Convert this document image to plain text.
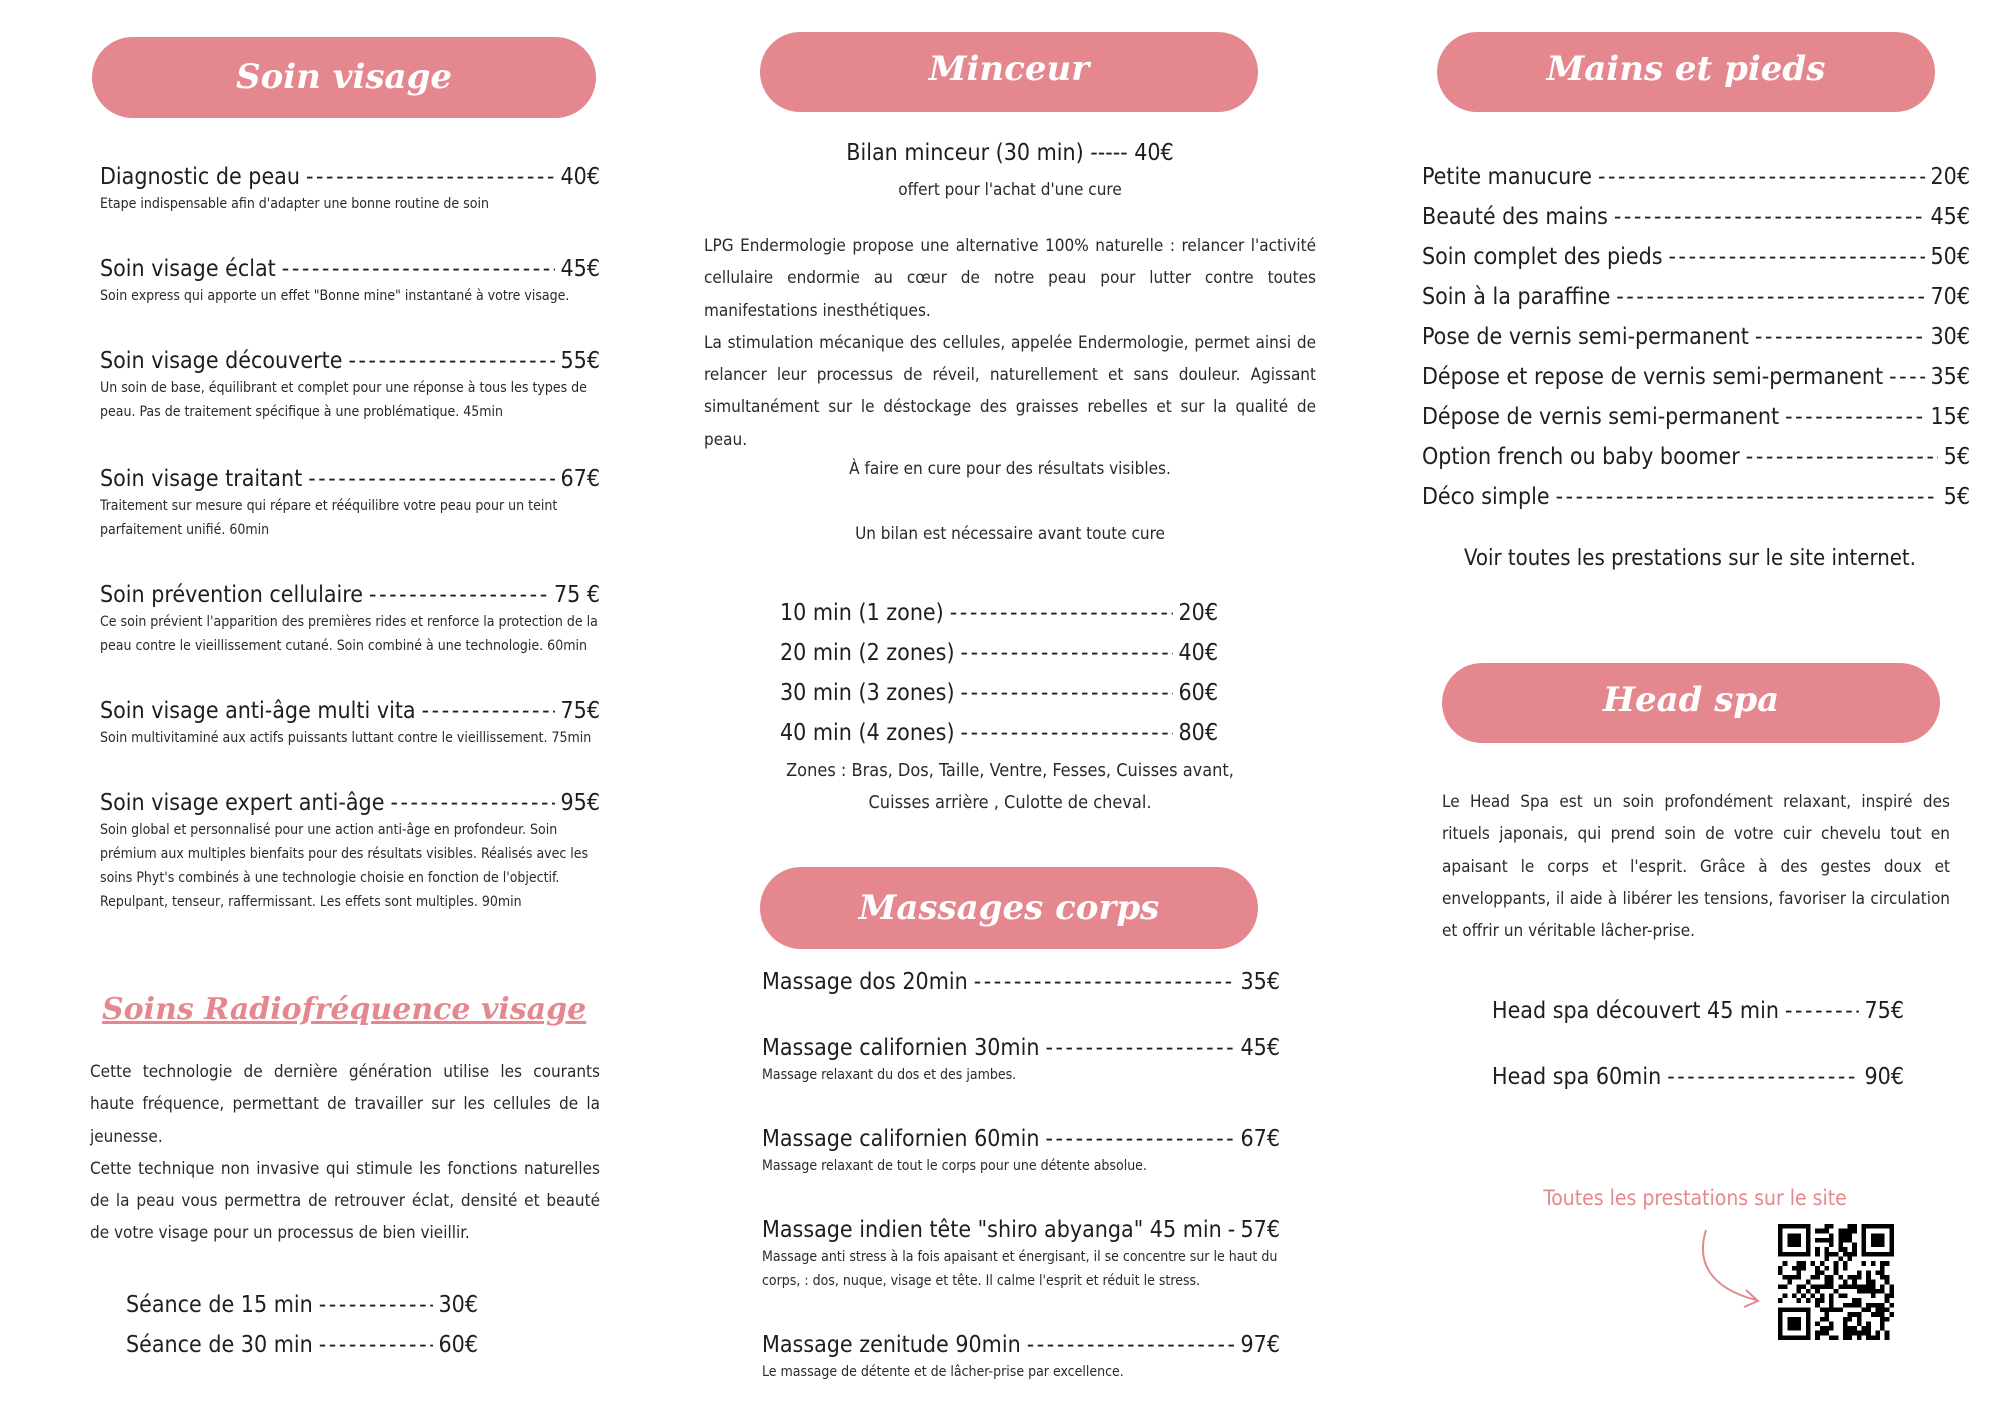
Soin visage
Diagnostic de peau - - -	40€
Etape indispensable afin d'adapter une bonne routine de soin
Soin visage éclat - - -	45€
Soin express qui apporte un effet "Bonne mine" instantané à votre visage.
Soin visage découverte - - -	55€
Un soin de base, équilibrant et complet pour une réponse à tous les types de peau. Pas de traitement spécifique à une problématique. 45min
Soin visage traitant - - -	67€
Traitement sur mesure qui répare et rééquilibre votre peau pour un teint parfaitement unifié. 60min
Soin prévention cellulaire - - -	75 €
Ce soin prévient l'apparition des premières rides et renforce la protection de la peau contre le vieillissement cutané. Soin combiné à une technologie. 60min
Soin visage anti-âge multi vita - - -	75€
Soin multivitaminé aux actifs puissants luttant contre le vieillissement. 75min
Soin visage expert anti-âge - - -	95€
Soin global et personnalisé pour une action anti-âge en profondeur. Soin prémium aux multiples bienfaits pour des résultats visibles. Réalisés avec les soins Phyt's combinés à une technologie choisie en fonction de l'objectif. Repulpant, tenseur, raffermissant. Les effets sont multiples. 90min
Soins Radiofréquence visage
Cette technologie de dernière génération utilise les courants haute fréquence, permettant de travailler sur les cellules de la jeunesse.
Cette technique non invasive qui stimule les fonctions naturelles de la peau vous permettra de retrouver éclat, densité et beauté de votre visage pour un processus de bien vieillir.
Séance de 15 min - - -	30€
Séance de 30 min - - -	60€
Minceur
Bilan minceur (30 min) ----- 40€
offert pour l'achat d'une cure
LPG Endermologie propose une alternative 100% naturelle : relancer l'activité cellulaire endormie au cœur de notre peau pour lutter contre toutes manifestations inesthétiques.
La stimulation mécanique des cellules, appelée Endermologie, permet ainsi de relancer leur processus de réveil, naturellement et sans douleur. Agissant simultanément sur le déstockage des graisses rebelles et sur la qualité de peau.
À faire en cure pour des résultats visibles.
Un bilan est nécessaire avant toute cure
10 min (1 zone) - - -	20€
20 min (2 zones) - - -	40€
30 min (3 zones) - - -	60€
40 min (4 zones) - - -	80€
Zones : Bras, Dos, Taille, Ventre, Fesses, Cuisses avant,
Cuisses arrière , Culotte de cheval.
Massages corps
Massage dos 20min - - -	35€
Massage californien 30min - - -	45€
Massage relaxant du dos et des jambes.
Massage californien 60min - - -	67€
Massage relaxant de tout le corps pour une détente absolue.
Massage indien tête "shiro abyanga" 45 min - - - 57€
Massage anti stress à la fois apaisant et énergisant, il se concentre sur le haut du corps, : dos, nuque, visage et tête. Il calme l'esprit et réduit le stress.
Massage zenitude 90min - - -	97€
Le massage de détente et de lâcher-prise par excellence.
Mains et pieds
Petite manucure - - -	20€
Beauté des mains - - -	45€
Soin complet des pieds - - -	50€
Soin à la paraffine - - -	70€
Pose de vernis semi-permanent - - -	30€
Dépose et repose de vernis semi-permanent - - - 35€
Dépose de vernis semi-permanent - - -	15€
Option french ou baby boomer - - -	5€
Déco simple - - -	5€
Voir toutes les prestations sur le site internet.
Head spa
Le Head Spa est un soin profondément relaxant, inspiré des rituels japonais, qui prend soin de votre cuir chevelu tout en apaisant le corps et l'esprit. Grâce à des gestes doux et enveloppants, il aide à libérer les tensions, favoriser la circulation et offrir un véritable lâcher-prise.
Head spa découvert 45 min - - -	75€
Head spa 60min - - -	90€
Toutes les prestations sur le site
